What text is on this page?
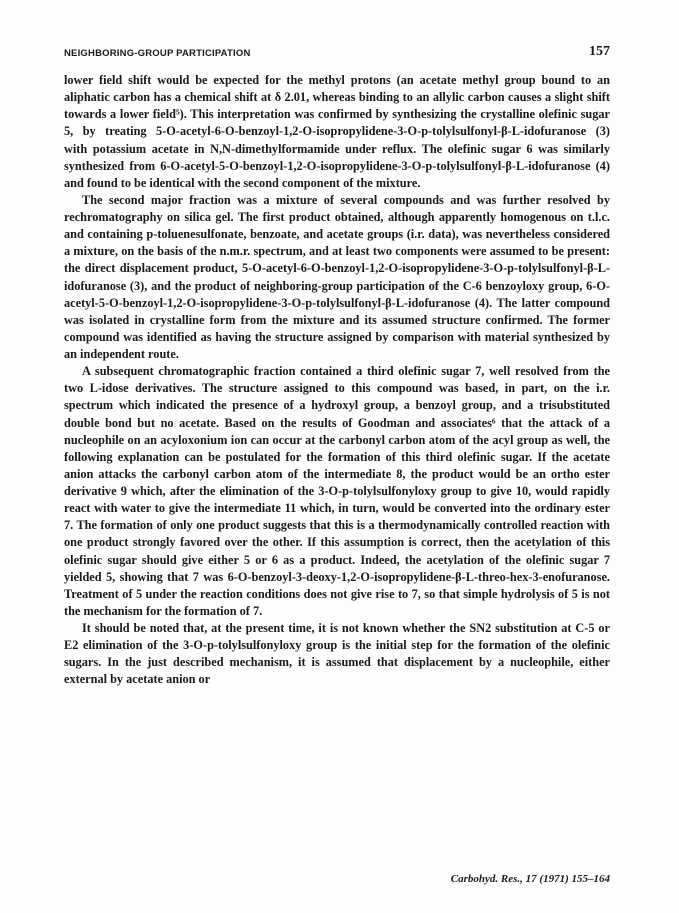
NEIGHBORING-GROUP PARTICIPATION	157

lower field shift would be expected for the methyl protons (an acetate methyl group bound to an aliphatic carbon has a chemical shift at δ 2.01, whereas binding to an allylic carbon causes a slight shift towards a lower field⁵). This interpretation was confirmed by synthesizing the crystalline olefinic sugar 5, by treating 5-O-acetyl-6-O-benzoyl-1,2-O-isopropylidene-3-O-p-tolylsulfonyl-β-L-idofuranose (3) with potassium acetate in N,N-dimethylformamide under reflux. The olefinic sugar 6 was similarly synthesized from 6-O-acetyl-5-O-benzoyl-1,2-O-isopropylidene-3-O-p-tolylsulfonyl-β-L-idofuranose (4) and found to be identical with the second component of the mixture.

The second major fraction was a mixture of several compounds and was further resolved by rechromatography on silica gel. The first product obtained, although apparently homogenous on t.l.c. and containing p-toluenesulfonate, benzoate, and acetate groups (i.r. data), was nevertheless considered a mixture, on the basis of the n.m.r. spectrum, and at least two components were assumed to be present: the direct displacement product, 5-O-acetyl-6-O-benzoyl-1,2-O-isopropylidene-3-O-p-tolylsulfonyl-β-L-idofuranose (3), and the product of neighboring-group participation of the C-6 benzoyloxy group, 6-O-acetyl-5-O-benzoyl-1,2-O-isopropylidene-3-O-p-tolylsulfonyl-β-L-idofuranose (4). The latter compound was isolated in crystalline form from the mixture and its assumed structure confirmed. The former compound was identified as having the structure assigned by comparison with material synthesized by an independent route.

A subsequent chromatographic fraction contained a third olefinic sugar 7, well resolved from the two L-idose derivatives. The structure assigned to this compound was based, in part, on the i.r. spectrum which indicated the presence of a hydroxyl group, a benzoyl group, and a trisubstituted double bond but no acetate. Based on the results of Goodman and associates⁶ that the attack of a nucleophile on an acyloxonium ion can occur at the carbonyl carbon atom of the acyl group as well, the following explanation can be postulated for the formation of this third olefinic sugar. If the acetate anion attacks the carbonyl carbon atom of the intermediate 8, the product would be an ortho ester derivative 9 which, after the elimination of the 3-O-p-tolylsulfonyloxy group to give 10, would rapidly react with water to give the intermediate 11 which, in turn, would be converted into the ordinary ester 7. The formation of only one product suggests that this is a thermodynamically controlled reaction with one product strongly favored over the other. If this assumption is correct, then the acetylation of this olefinic sugar should give either 5 or 6 as a product. Indeed, the acetylation of the olefinic sugar 7 yielded 5, showing that 7 was 6-O-benzoyl-3-deoxy-1,2-O-isopropylidene-β-L-threo-hex-3-enofuranose. Treatment of 5 under the reaction conditions does not give rise to 7, so that simple hydrolysis of 5 is not the mechanism for the formation of 7.

It should be noted that, at the present time, it is not known whether the SN2 substitution at C-5 or E2 elimination of the 3-O-p-tolylsulfonyloxy group is the initial step for the formation of the olefinic sugars. In the just described mechanism, it is assumed that displacement by a nucleophile, either external by acetate anion or

Carbohyd. Res., 17 (1971) 155–164
